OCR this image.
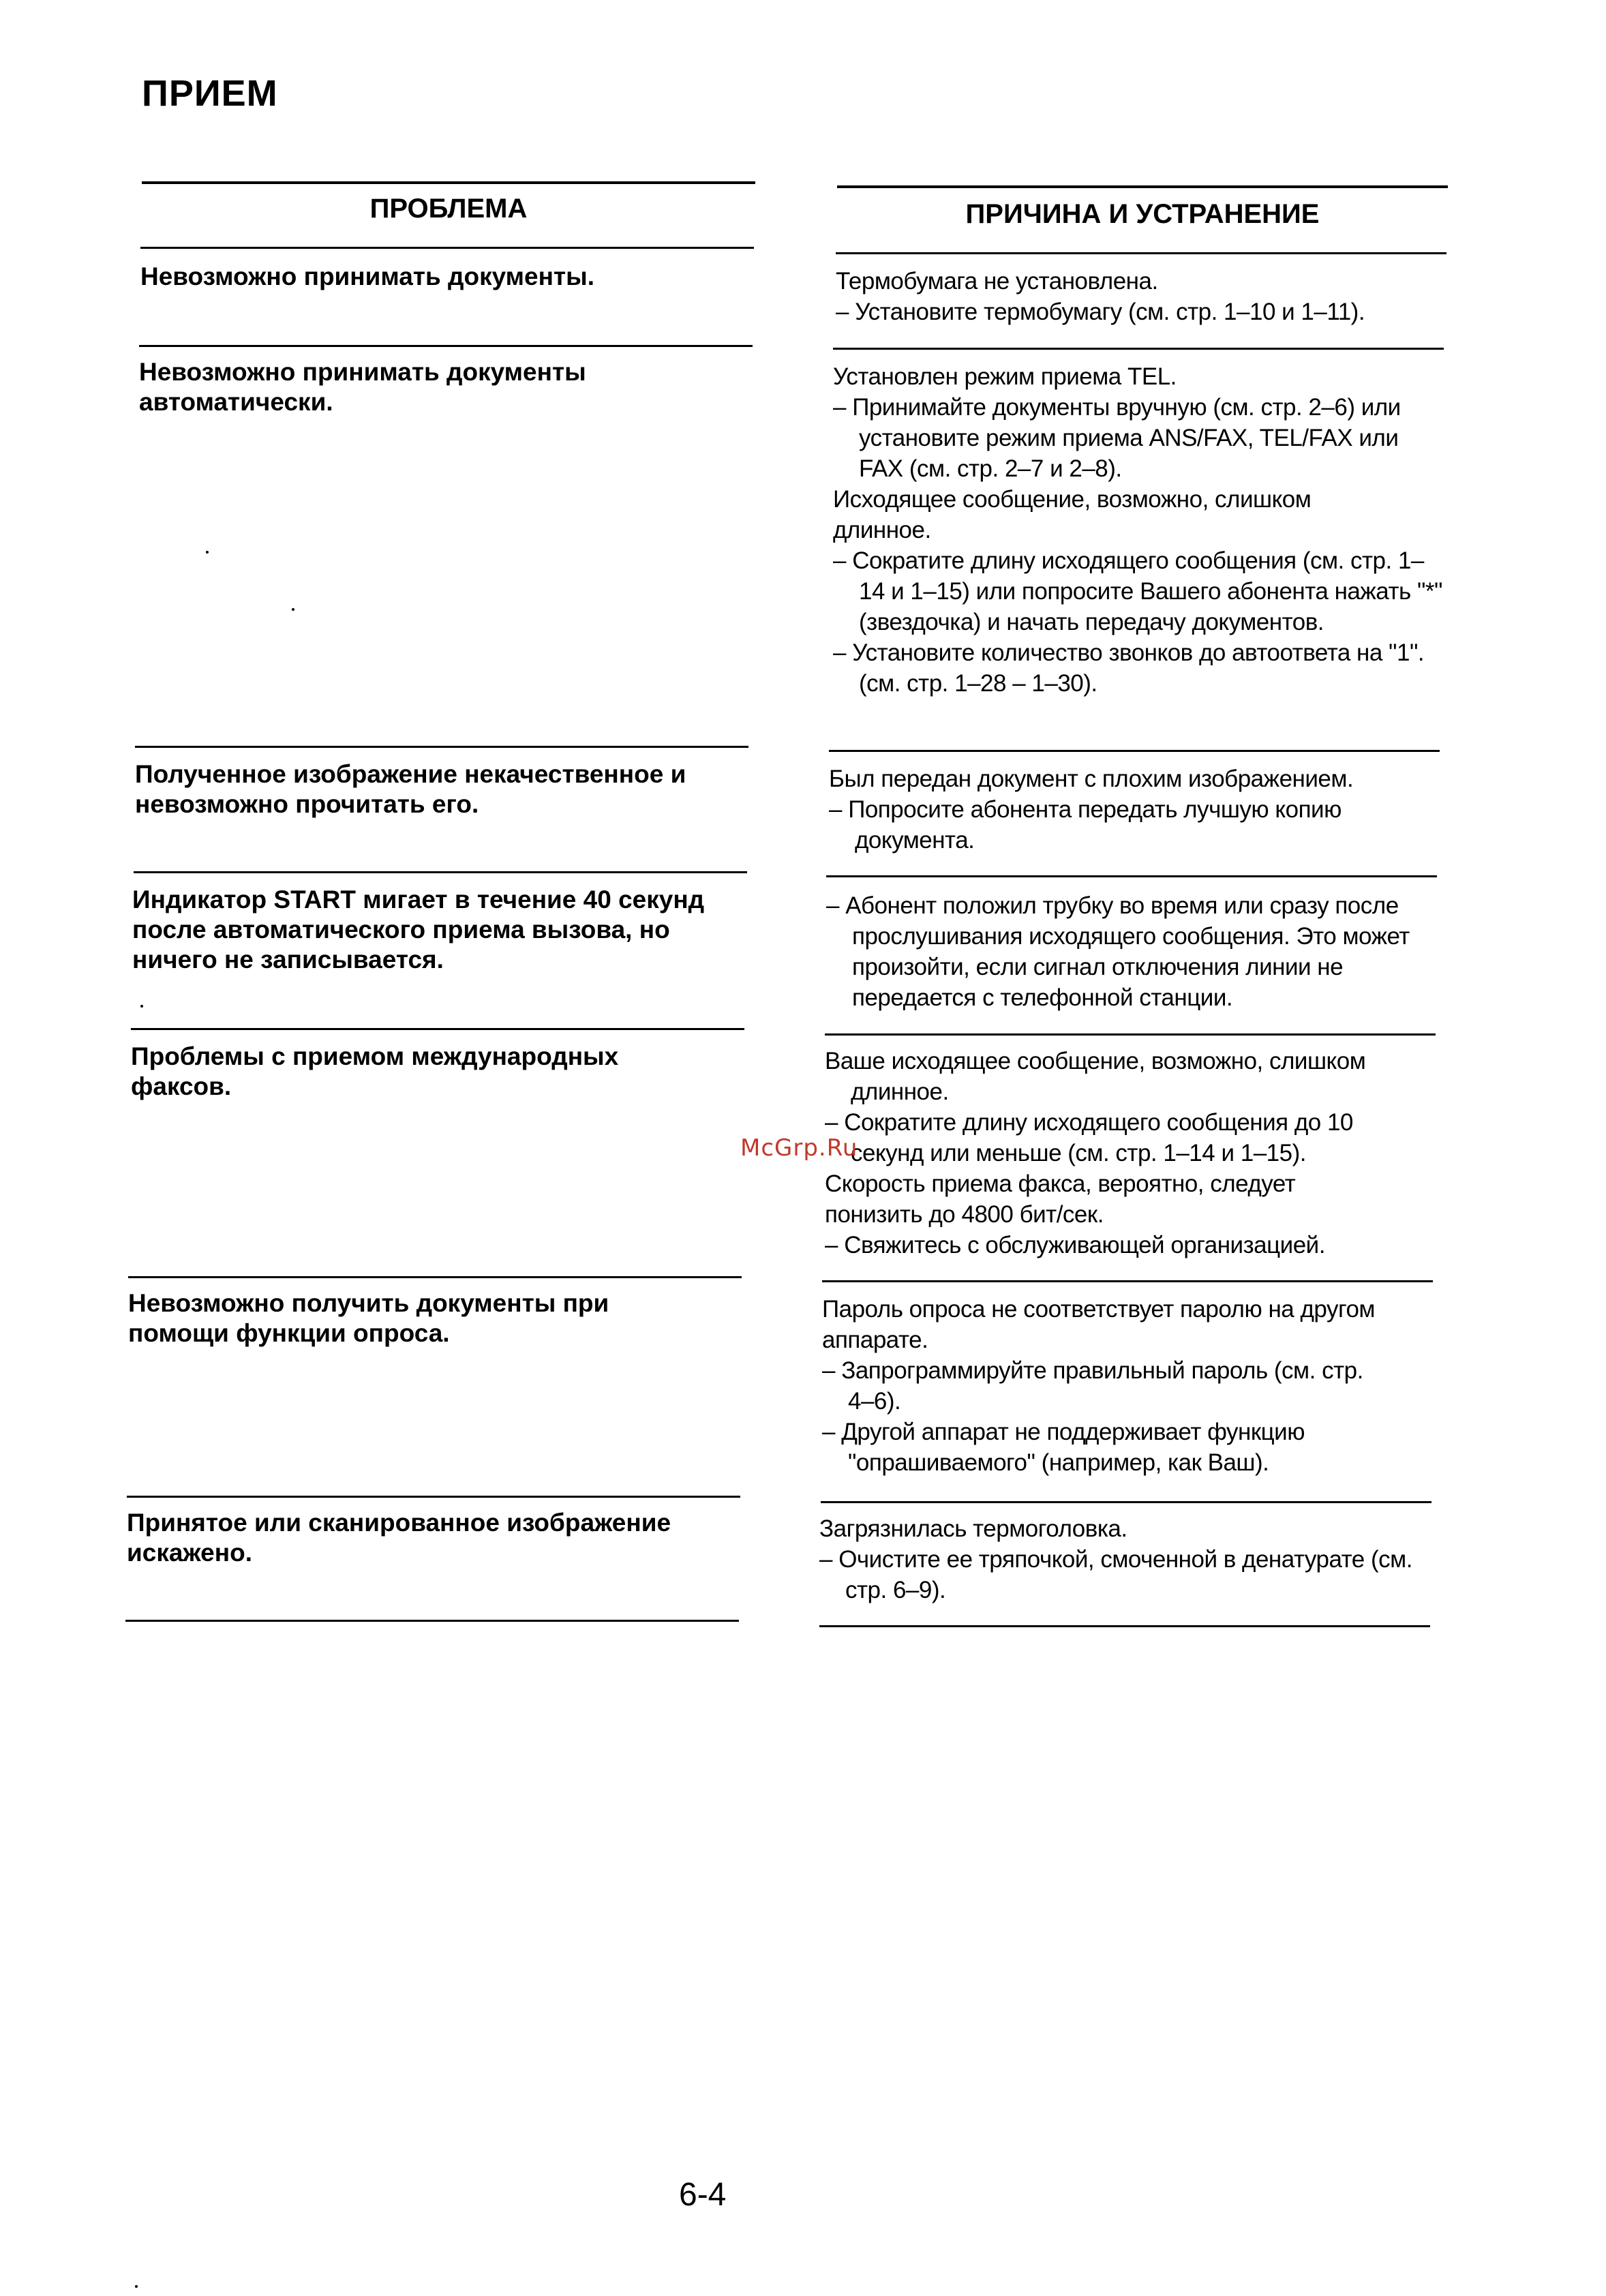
ПРИЕМ
ПРОБЛЕМА	ПРИЧИНА И УСТРАНЕНИЕ
Невозможно принимать документы.	Термобумага не установлена.
– Установите термобумагу (см. стр. 1–10 и 1–11).
Невозможно принимать документы автоматически.
Установлен режим приема TEL.
– Принимайте документы вручную (см. стр. 2–6) или установите режим приема ANS/FAX, TEL/FAX или FAX (см. стр. 2–7 и 2–8).
Исходящее сообщение, возможно, слишком длинное.
– Сократите длину исходящего сообщения (см. стр. 1–14 и 1–15) или попросите Вашего абонента нажать "*" (звездочка) и начать передачу документов.
– Установите количество звонков до автоответа на "1". (см. стр. 1–28 – 1–30).
Полученное изображение некачественное и невозможно прочитать его.
Был передан документ с плохим изображением.
– Попросите абонента передать лучшую копию документа.
Индикатор START мигает в течение 40 секунд после автоматического приема вызова, но ничего не записывается.
– Абонент положил трубку во время или сразу после прослушивания исходящего сообщения. Это может произойти, если сигнал отключения линии не передается с телефонной станции.
Проблемы с приемом международных факсов.
Ваше исходящее сообщение, возможно, слишком длинное.
– Сократите длину исходящего сообщения до 10 секунд или меньше (см. стр. 1–14 и 1–15).
Скорость приема факса, вероятно, следует понизить до 4800 бит/сек.
– Свяжитесь с обслуживающей организацией.
Невозможно получить документы при помощи функции опроса.
Пароль опроса не соответствует паролю на другом аппарате.
– Запрограммируйте правильный пароль (см. стр. 4–6).
– Другой аппарат не поддерживает функцию "опрашиваемого" (например, как Ваш).
Принятое или сканированное изображение искажено.
Загрязнилась термоголовка.
– Очистите ее тряпочкой, смоченной в денатурате (см. стр. 6–9).
McGrp.Ru
6-4
